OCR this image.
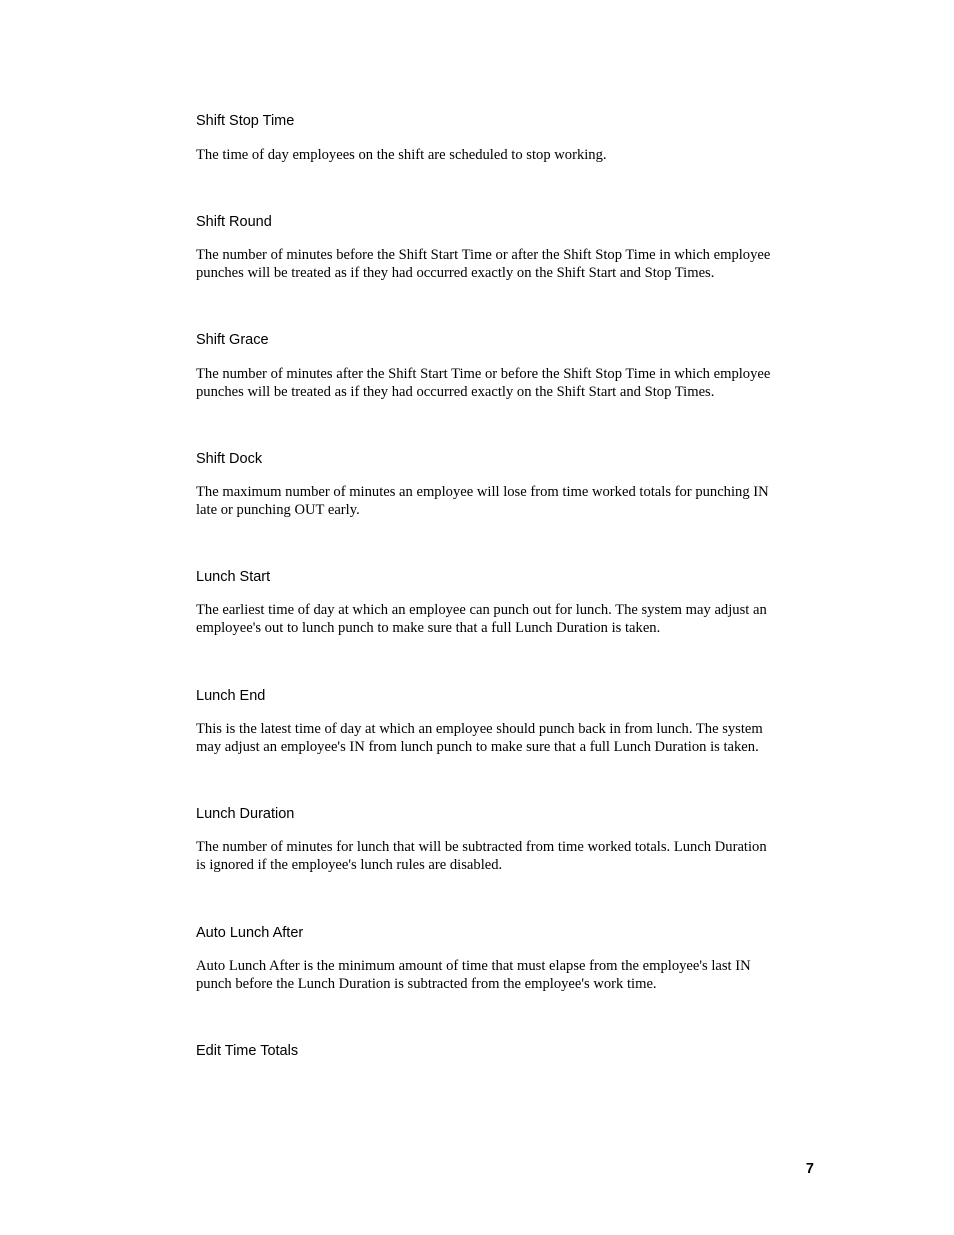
Shift Stop Time
The time of day employees on the shift are scheduled to stop working.
Shift Round
The number of minutes before the Shift Start Time or after the Shift Stop Time in which employee
punches will be treated as if they had occurred exactly on the Shift Start and Stop Times.
Shift Grace
The number of minutes after the Shift Start Time or before the Shift Stop Time in which employee
punches will be treated as if they had occurred exactly on the Shift Start and Stop Times.
Shift Dock
The maximum number of minutes an employee will lose from time worked totals for punching IN
late or punching OUT early.
Lunch Start
The earliest time of day at which an employee can punch out for lunch. The system may adjust an
employee's out to lunch punch to make sure that a full Lunch Duration is taken.
Lunch End
This is the latest time of day at which an employee should punch back in from lunch. The system
may adjust an employee's IN from lunch punch to make sure that a full Lunch Duration is taken.
Lunch Duration
The number of minutes for lunch that will be subtracted from time worked totals. Lunch Duration
is ignored if the employee's lunch rules are disabled.
Auto Lunch After
Auto Lunch After is the minimum amount of time that must elapse from the employee's last IN
punch before the Lunch Duration is subtracted from the employee's work time.
Edit Time Totals
7
